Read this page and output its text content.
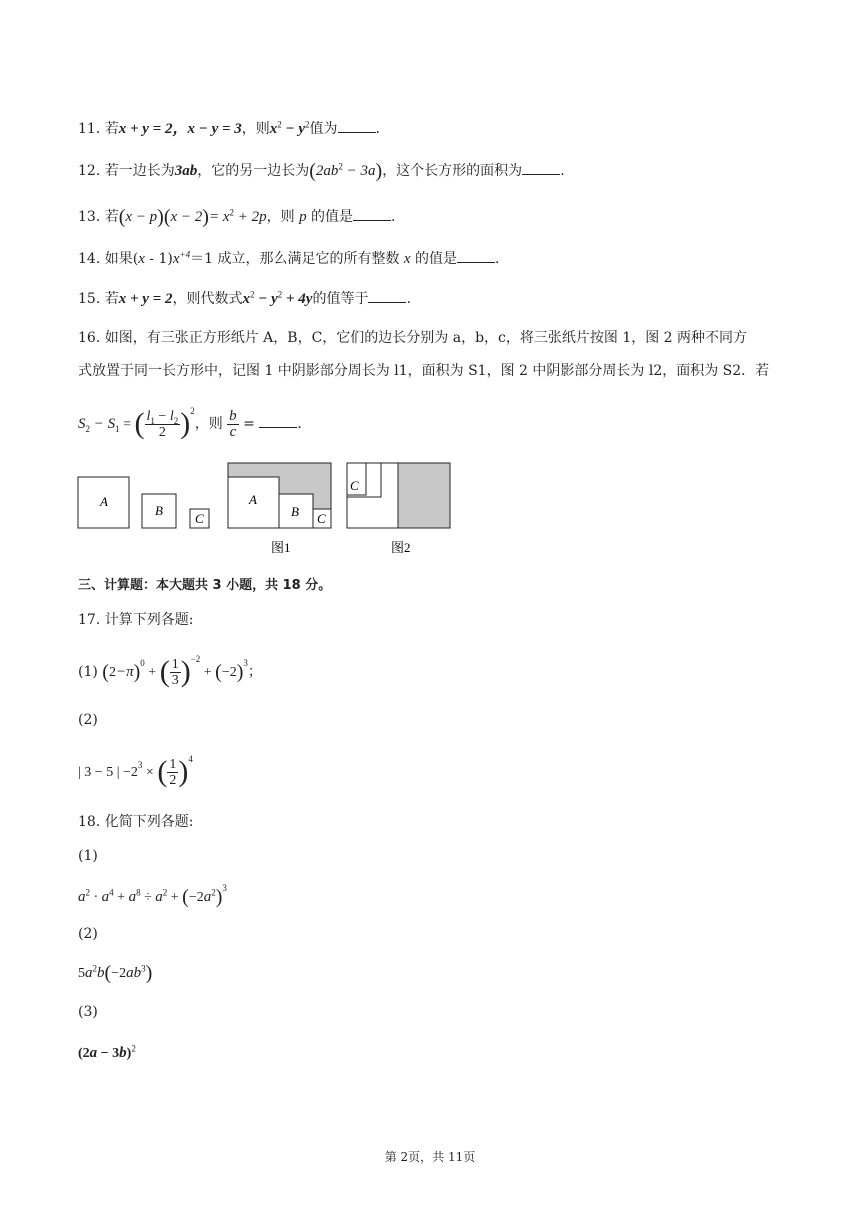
11. 若x + y = 2，x − y = 3，则$x^2 - y^2$值为	.
12. 若一边长为3ab，它的另一边长为$(2ab^2 - 3a)$，这个长方形的面积为	.
13. 若$(x - p)(x - 2)= x^2 + 2p$，则 p 的值是	.
14. 如果$(x - 1)x^{+4}=1$ 成立，那么满足它的所有整数 x 的值是	.
15. 若x + y = 2，则代数式$x^2 - y^2 + 4y$的值等于	.
16. 如图，有三张正方形纸片 A，B，C，它们的边长分别为 a，b，c，将三张纸片按图 1，图 2 两种不同方
式放置于同一长方形中，记图 1 中阴影部分周长为 l1，面积为 S1，图 2 中阴影部分周长为 l2，面积为 S2．若
$S_2 - S_1$ = ( $\frac{l_1 - l_2}{2} )^2$，则 $\frac{b}{c}$ =	.
A
B
C
A
B C
C
图1	图2
三、计算题：本大题共 3 小题，共 18 分。
17. 计算下列各题:
(1) $(2-\pi)^0$ + ( $\frac{1}{3} )^{-2} + (-2)^3$；
(2)
| 3 − 5 | $-2^3$ × ( $\frac{1}{2} )^4$
18. 化简下列各题:
(1)
$a^2 \cdot a^4 + a^8 \div a^2 + (-2a^2)^3$
(2)
$5a^2b(-2ab^3)$
(3)
$(2a - 3b)^2$
第 2页，共 11页
